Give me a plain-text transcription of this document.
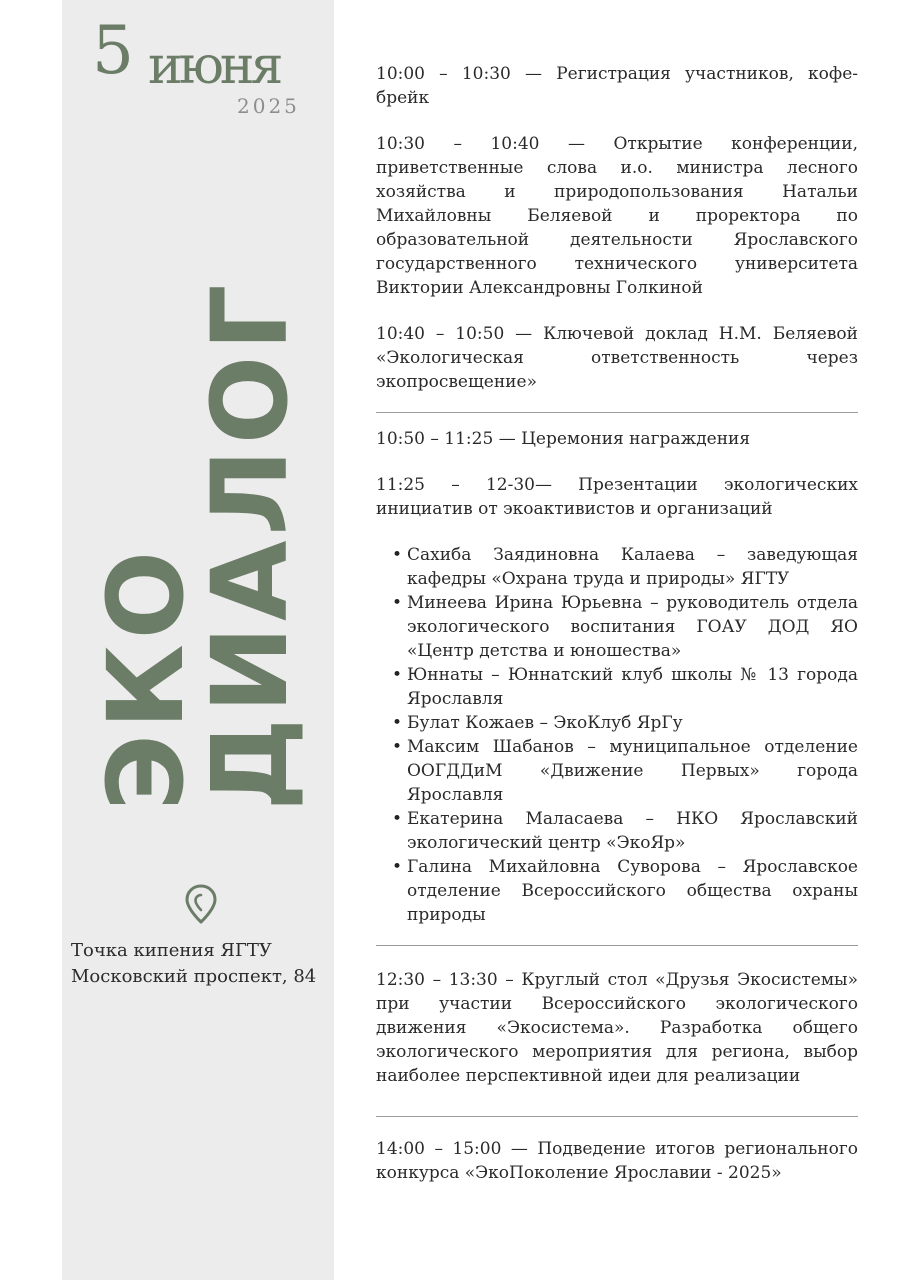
5 июня
2025
ЭКО
ДИАЛОГ
Точка кипения ЯГТУ
Московский проспект, 84

10:00 – 10:30 — Регистрация участников, кофе-брейк

10:30 – 10:40 — Открытие конференции, приветственные слова и.о. министра лесного хозяйства и природопользования Натальи Михайловны Беляевой и проректора по образовательной деятельности Ярославского государственного технического университета Виктории Александровны Голкиной

10:40 – 10:50 — Ключевой доклад Н.М. Беляевой «Экологическая ответственность через экопросвещение»

10:50 – 11:25 — Церемония награждения

11:25 – 12-30— Презентации экологических инициатив от экоактивистов и организаций

• Сахиба Заядиновна Калаева – заведующая кафедры «Охрана труда и природы» ЯГТУ
• Минеева Ирина Юрьевна – руководитель отдела экологического воспитания ГОАУ ДОД ЯО «Центр детства и юношества»
• Юннаты – Юннатский клуб школы № 13 города Ярославля
• Булат Кожаев – ЭкоКлуб ЯрГу
• Максим Шабанов – муниципальное отделение ООГДДиМ «Движение Первых» города Ярославля
• Екатерина Маласаева – НКО Ярославский экологический центр «ЭкоЯр»
• Галина Михайловна Суворова – Ярославское отделение Всероссийского общества охраны природы

12:30 – 13:30 – Круглый стол «Друзья Экосистемы» при участии Всероссийского экологического движения «Экосистема». Разработка общего экологического мероприятия для региона, выбор наиболее перспективной идеи для реализации

14:00 – 15:00 — Подведение итогов регионального конкурса «ЭкоПоколение Ярославии - 2025»
